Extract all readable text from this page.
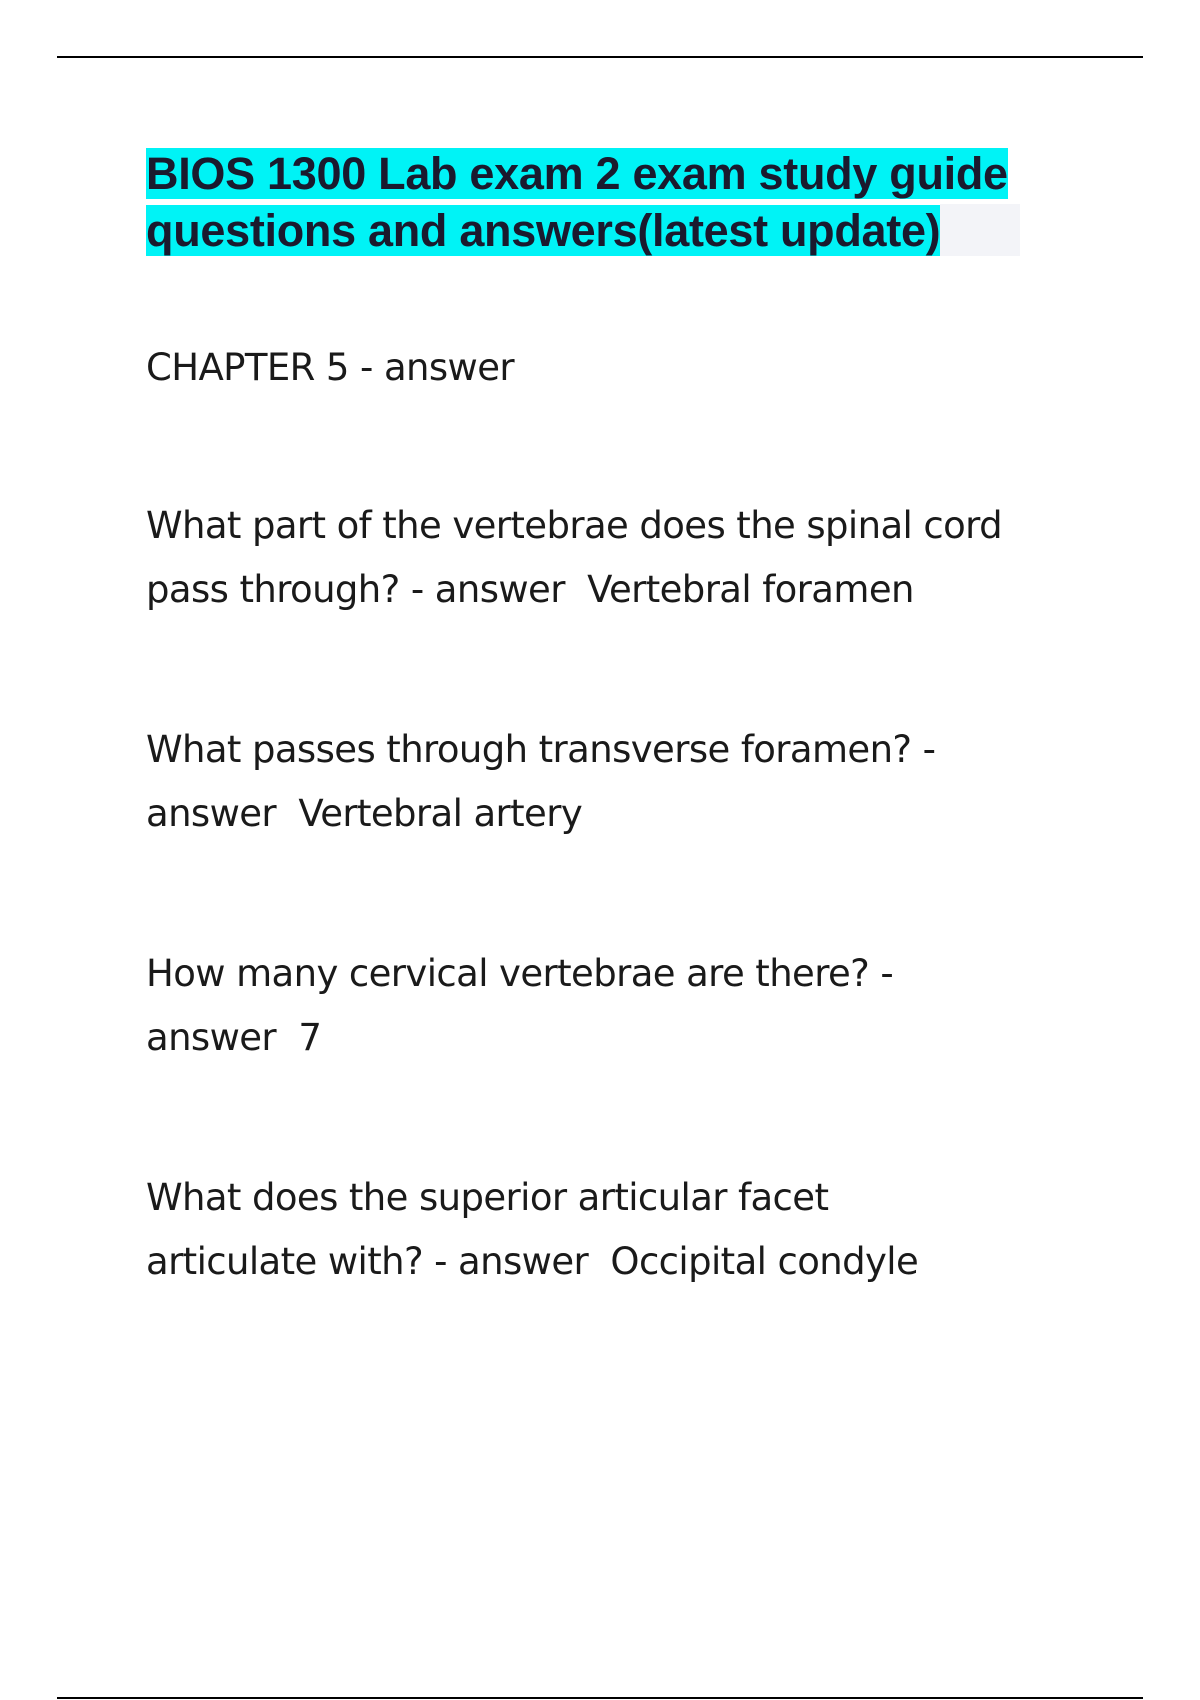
BIOS 1300 Lab exam 2 exam study guide
questions and answers(latest update)
CHAPTER 5 - answer
What part of the vertebrae does the spinal cord
pass through? - answer  Vertebral foramen
What passes through transverse foramen? -
answer  Vertebral artery
How many cervical vertebrae are there? -
answer  7
What does the superior articular facet
articulate with? - answer  Occipital condyle
